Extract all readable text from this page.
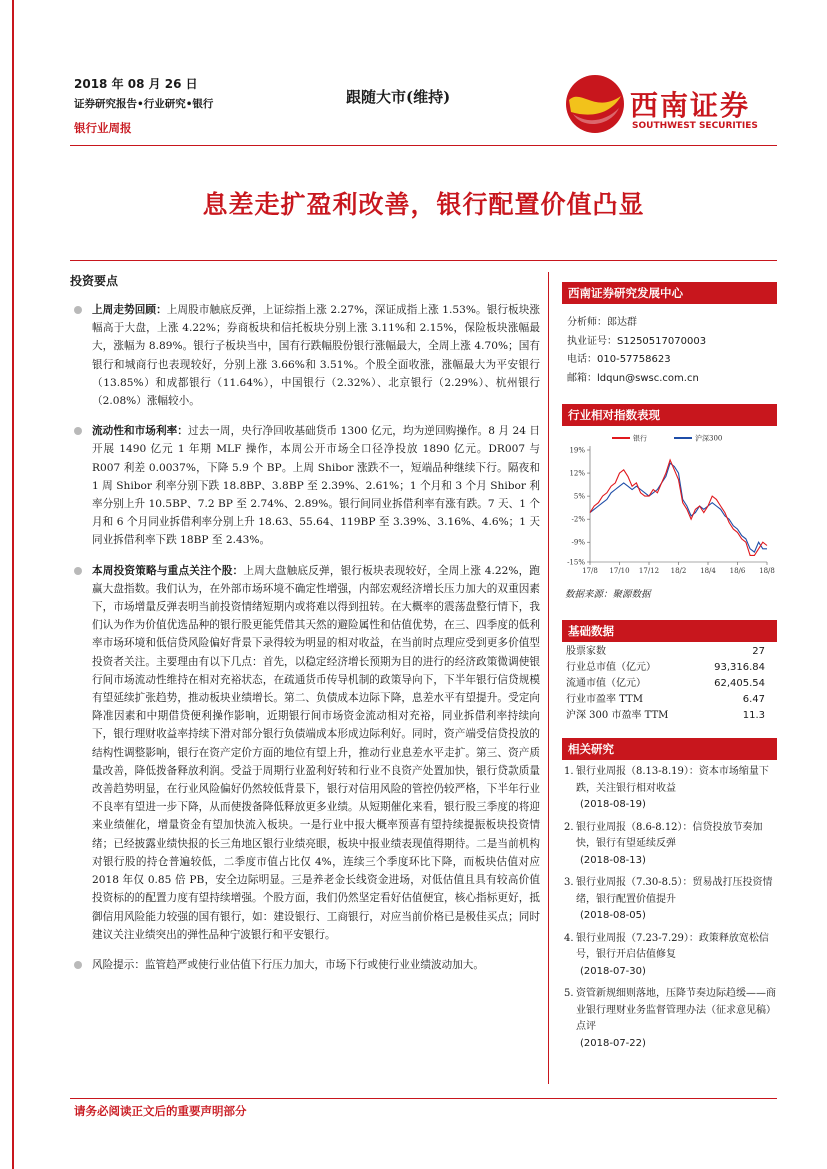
2018 年 08 月 26 日
证券研究报告•行业研究•银行
银行业周报
跟随大市(维持)	西南证券
SOUTHWEST SECURITIES
息差走扩盈利改善，银行配置价值凸显
投资要点
上周走势回顾：上周股市触底反弹，上证综指上涨 2.27%，深证成指上涨 1.53%。银行板块涨幅高于大盘，上涨 4.22%；券商板块和信托板块分别上涨 3.11%和 2.15%，保险板块涨幅最大，涨幅为 8.89%。银行子板块当中，国有行跌幅股份银行涨幅最大，全周上涨 4.70%；国有银行和城商行也表现较好，分别上涨 3.66%和 3.51%。个股全面收涨，涨幅最大为平安银行（13.85%）和成都银行（11.64%），中国银行（2.32%）、北京银行（2.29%）、杭州银行（2.08%）涨幅较小。
流动性和市场利率：过去一周，央行净回收基础货币 1300 亿元，均为逆回购操作。8 月 24 日开展 1490 亿元 1 年期 MLF 操作，本周公开市场全口径净投放 1890 亿元。DR007 与 R007 利差 0.0037%，下降 5.9 个 BP。上周 Shibor 涨跌不一，短端品种继续下行。隔夜和 1 周 Shibor 利率分别下跌 18.8BP、3.8BP 至 2.39%、2.61%；1 个月和 3 个月 Shibor 利率分别上升 10.5BP、7.2 BP 至 2.74%、2.89%。银行间同业拆借利率有涨有跌。7 天、1 个月和 6 个月同业拆借利率分别上升 18.63、55.64、119BP 至 3.39%、3.16%、4.6%；1 天同业拆借利率下跌 18BP 至 2.43%。
本周投资策略与重点关注个股：上周大盘触底反弹，银行板块表现较好，全周上涨 4.22%，跑赢大盘指数。我们认为，在外部市场环境不确定性增强，内部宏观经济增长压力加大的双重因素下，市场增量反弹表明当前投资情绪短期内或将难以得到扭转。在大概率的震荡盘整行情下，我们认为作为价值优选品种的银行股更能凭借其天然的避险属性和估值优势，在三、四季度的低利率市场环境和低信贷风险偏好背景下录得较为明显的相对收益，在当前时点理应受到更多价值型投资者关注。主要理由有以下几点：首先，以稳定经济增长预期为目的进行的经济政策微调使银行间市场流动性维持在相对充裕状态，在疏通货币传导机制的政策导向下，下半年银行信贷规模有望延续扩张趋势，推动板块业绩增长。第二、负债成本边际下降，息差水平有望提升。受定向降准因素和中期借贷便利操作影响，近期银行间市场资金流动相对充裕，同业拆借利率持续向下，银行理财收益率持续下滑对部分银行负债端成本形成边际利好。同时，资产端受信贷投放的结构性调整影响，银行在资产定价方面的地位有望上升，推动行业息差水平走扩。第三、资产质量改善，降低拨备释放利润。受益于周期行业盈利好转和行业不良资产处置加快，银行贷款质量改善趋势明显，在行业风险偏好仍然较低背景下，银行对信用风险的管控仍较严格，下半年行业不良率有望进一步下降，从而使拨备降低释放更多业绩。从短期催化来看，银行股三季度的将迎来业绩催化，增量资金有望加快流入板块。一是行业中报大概率预喜有望持续提振板块投资情绪；已经披露业绩快报的长三角地区银行业绩亮眼，板块中报业绩表现值得期待。二是当前机构对银行股的持仓普遍较低，二季度市值占比仅 4%，连续三个季度环比下降，而板块估值对应 2018 年仅 0.85 倍 PB，安全边际明显。三是养老金长线资金进场，对低估值且具有较高价值投资标的的配置力度有望持续增强。个股方面，我们仍然坚定看好估值便宜，核心指标更好，抵御信用风险能力较强的国有银行，如：建设银行、工商银行，对应当前价格已是极佳买点；同时建议关注业绩突出的弹性品种宁波银行和平安银行。
风险提示：监管趋严或使行业估值下行压力加大，市场下行或使行业业绩波动加大。
西南证券研究发展中心
分析师：郎达群
执业证号：S1250517070003
电话：010-57758623
邮箱：ldqun@swsc.com.cn
行业相对指数表现
银行	沪深300
19%
12%
5%
-2%
-9%
-15%
17/8 17/10 17/12 18/2 18/4 18/6 18/8
数据来源：聚源数据
基础数据
股票家数	27
行业总市值（亿元）	93,316.84
流通市值（亿元）	62,405.54
行业市盈率 TTM	6.47
沪深 300 市盈率 TTM	11.3
相关研究
1. 银行业周报（8.13-8.19）：资本市场缩量下跌，关注银行相对收益
(2018-08-19)
2. 银行业周报（8.6-8.12）：信贷投放节奏加快，银行有望延续反弹
(2018-08-13)
3. 银行业周报（7.30-8.5）：贸易战打压投资情绪，银行配置价值提升
(2018-08-05)
4. 银行业周报（7.23-7.29）：政策释放宽松信号，银行开启估值修复
(2018-07-30)
5. 资管新规细则落地，压降节奏边际趋缓——商业银行理财业务监督管理办法（征求意见稿）点评
(2018-07-22)
请务必阅读正文后的重要声明部分
